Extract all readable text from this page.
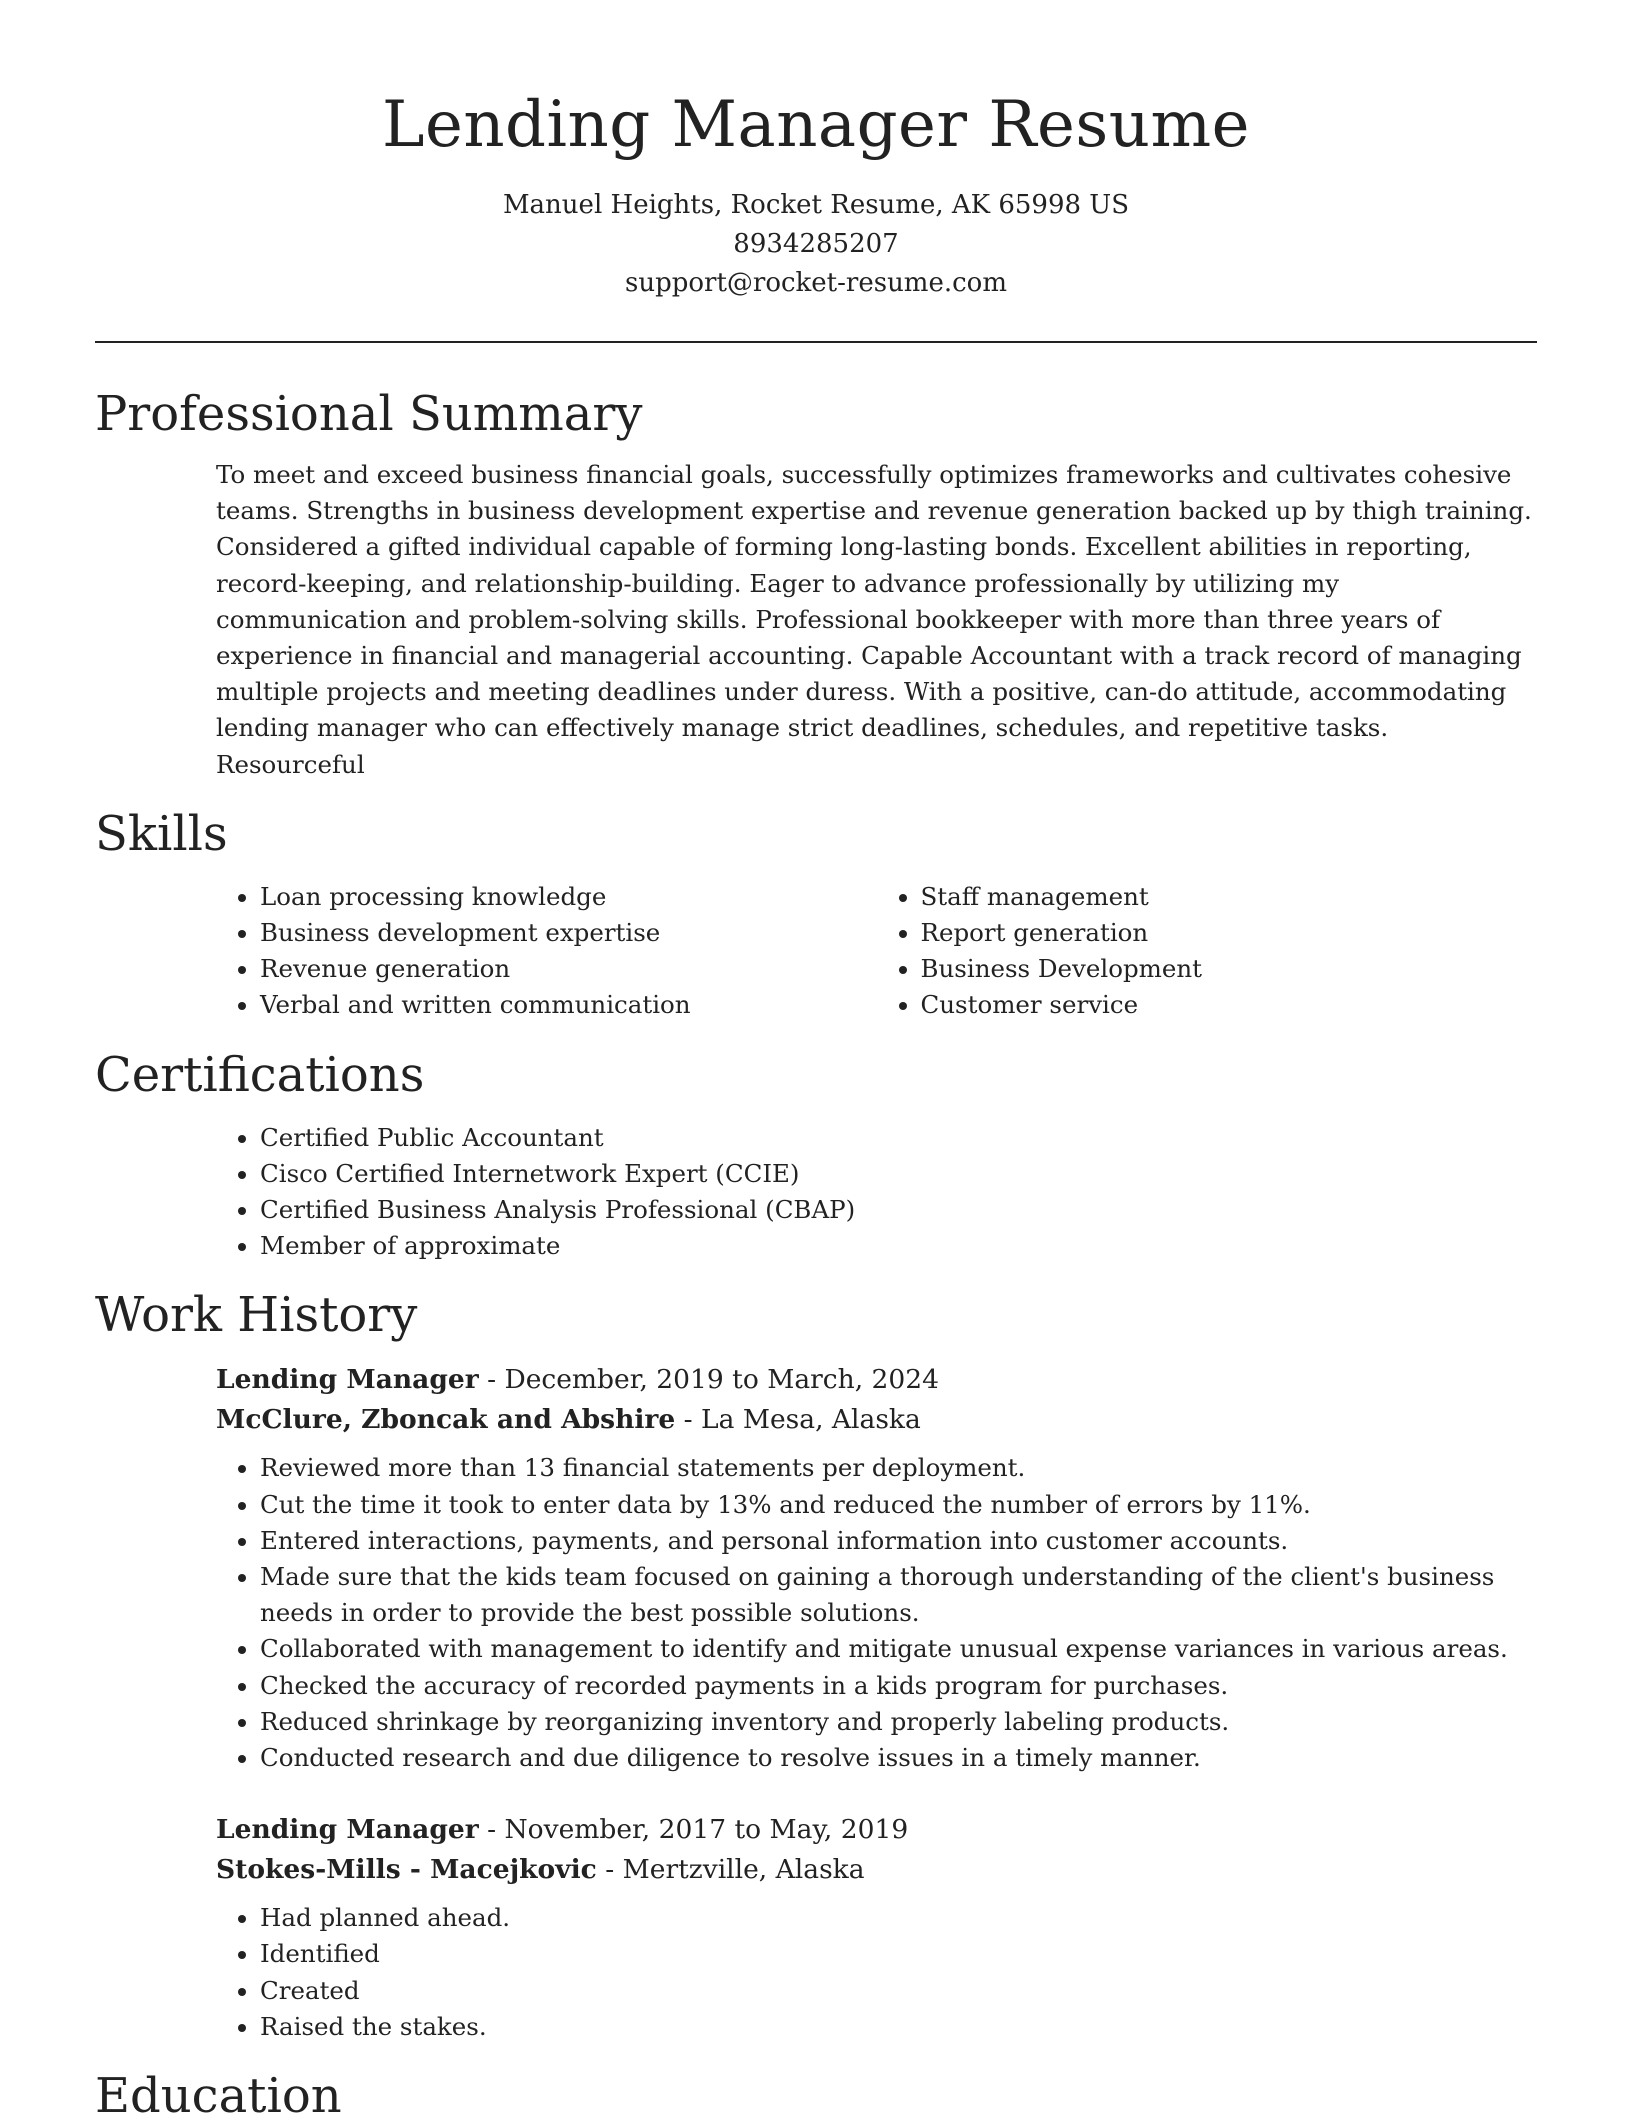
Lending Manager Resume
Manuel Heights, Rocket Resume, AK 65998 US
8934285207
support@rocket-resume.com
Professional Summary

To meet and exceed business financial goals, successfully optimizes frameworks and cultivates cohesive teams. Strengths in business development expertise and revenue generation backed up by thigh training. Considered a gifted individual capable of forming long-lasting bonds. Excellent abilities in reporting, record-keeping, and relationship-building. Eager to advance professionally by utilizing my communication and problem-solving skills. Professional bookkeeper with more than three years of experience in financial and managerial accounting. Capable Accountant with a track record of managing multiple projects and meeting deadlines under duress. With a positive, can-do attitude, accommodating lending manager who can effectively manage strict deadlines, schedules, and repetitive tasks. Resourceful

Skills
• Loan processing knowledge
• Business development expertise
• Revenue generation
• Verbal and written communication
• Staff management
• Report generation
• Business Development
• Customer service
Certifications
• Certified Public Accountant
• Cisco Certified Internetwork Expert (CCIE)
• Certified Business Analysis Professional (CBAP)
• Member of approximate
Work History
Lending Manager - December, 2019 to March, 2024
McClure, Zboncak and Abshire - La Mesa, Alaska
• Reviewed more than 13 financial statements per deployment.
• Cut the time it took to enter data by 13% and reduced the number of errors by 11%.
• Entered interactions, payments, and personal information into customer accounts.
• Made sure that the kids team focused on gaining a thorough understanding of the client's business needs in order to provide the best possible solutions.
• Collaborated with management to identify and mitigate unusual expense variances in various areas.
• Checked the accuracy of recorded payments in a kids program for purchases.
• Reduced shrinkage by reorganizing inventory and properly labeling products.
• Conducted research and due diligence to resolve issues in a timely manner.
Lending Manager - November, 2017 to May, 2019
Stokes-Mills - Macejkovic - Mertzville, Alaska
• Had planned ahead.
• Identified
• Created
• Raised the stakes.
Education
